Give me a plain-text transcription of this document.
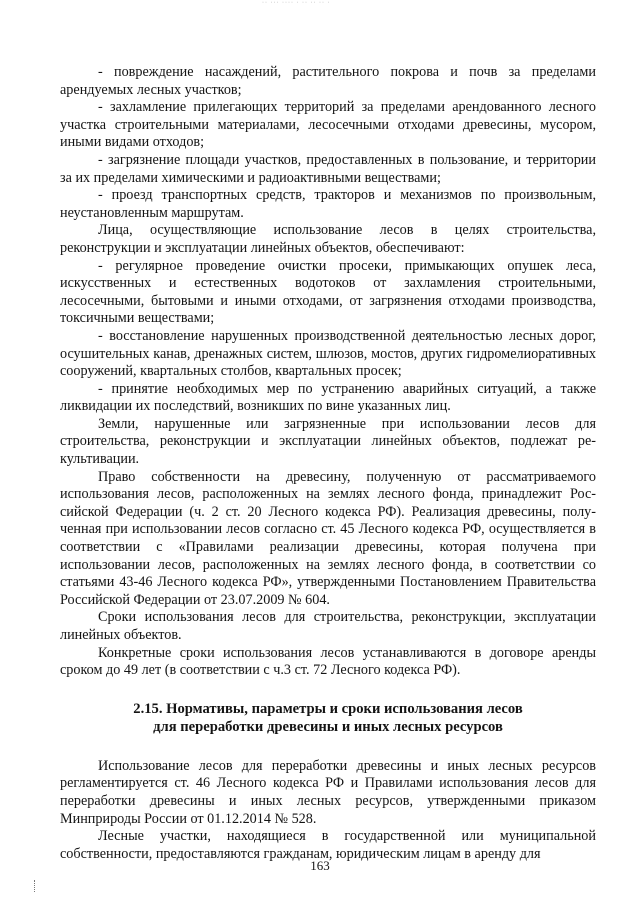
·· ··· ···· · ·· ·· ·· ·

- повреждение насаждений, растительного покрова и почв за пределами арендуемых лесных участков;

- захламление прилегающих территорий за пределами арендованного лесного участка строительными материалами, лесосечными отходами древесины, мусором, иными видами отходов;

- загрязнение площади участков, предоставленных в пользование, и территории за их пределами химическими и радиоактивными веществами;

- проезд транспортных средств, тракторов и механизмов по произвольным, неустановленным маршрутам.

Лица, осуществляющие использование лесов в целях строительства, реконструкции и эксплуатации линейных объектов, обеспечивают:

- регулярное проведение очистки просеки, примыкающих опушек леса, искусственных и естественных водотоков от захламления строительными, лесосечными, бытовыми и иными отходами, от загрязнения отходами производства, токсичными веществами;

- восстановление нарушенных производственной деятельностью лесных дорог, осушительных канав, дренажных систем, шлюзов, мостов, других гидромелиоративных сооружений, квартальных столбов, квартальных просек;

- принятие необходимых мер по устранению аварийных ситуаций, а также ликвидации их последствий, возникших по вине указанных лиц.

Земли, нарушенные или загрязненные при использовании лесов для строительства, реконструкции и эксплуатации линейных объектов, подлежат рекультивации.

Право собственности на древесину, полученную от рассматриваемого использования лесов, расположенных на землях лесного фонда, принадлежит Российской Федерации (ч. 2 ст. 20 Лесного кодекса РФ). Реализация древесины, полученная при использовании лесов согласно ст. 45 Лесного кодекса РФ, осуществляется в соответствии с «Правилами реализации древесины, которая получена при использовании лесов, расположенных на землях лесного фонда, в соответствии со статьями 43-46 Лесного кодекса РФ», утвержденными Постановлением Правительства Российской Федерации от 23.07.2009 № 604.

Сроки использования лесов для строительства, реконструкции, эксплуатации линейных объектов.

Конкретные сроки использования лесов устанавливаются в договоре аренды сроком до 49 лет (в соответствии с ч.3 ст. 72 Лесного кодекса РФ).

2.15. Нормативы, параметры и сроки использования лесов
для переработки древесины и иных лесных ресурсов

Использование лесов для переработки древесины и иных лесных ресурсов регламентируется ст. 46 Лесного кодекса РФ и Правилами использования лесов для переработки древесины и иных лесных ресурсов, утвержденными приказом Минприроды России от 01.12.2014 № 528.

Лесные участки, находящиеся в государственной или муниципальной собственности, предоставляются гражданам, юридическим лицам в аренду для

163
